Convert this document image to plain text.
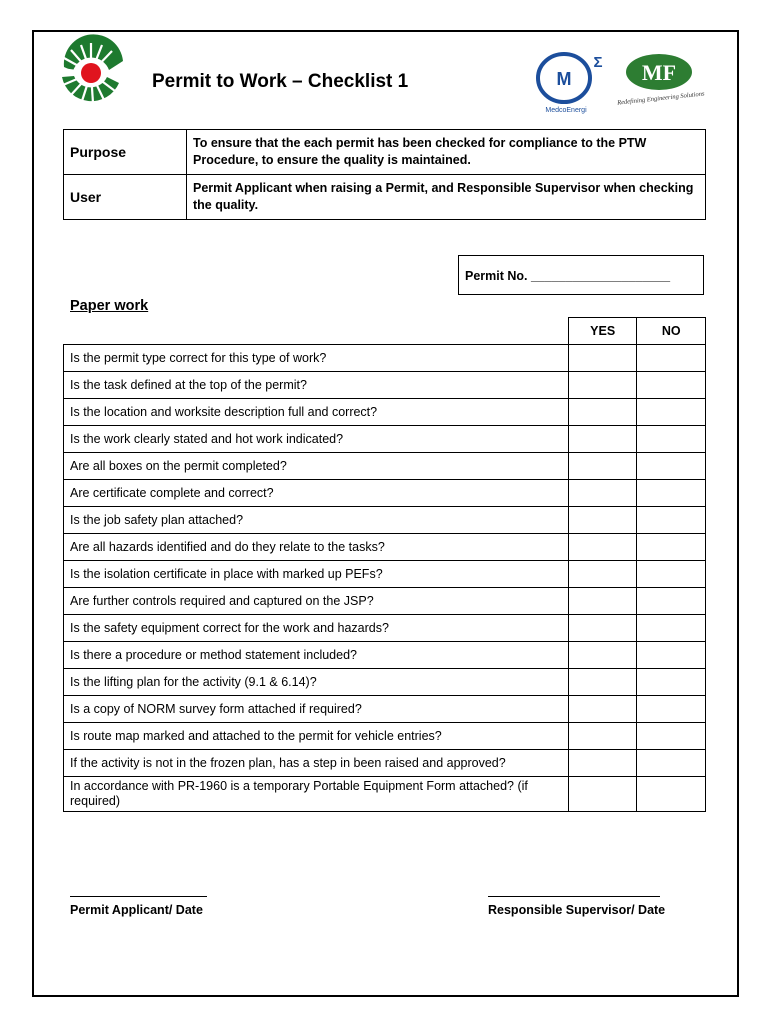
Permit to Work – Checklist 1	M
Σ
MedcoEnergi
MF
Redefining Engineering Solutions
Purpose	To ensure that the each permit has been checked for compliance to the PTW Procedure, to ensure the quality is maintained.
User	Permit Applicant when raising a Permit, and Responsible Supervisor when checking the quality.
Permit No. ____________________
Paper work
	YES	NO
Is the permit type correct for this type of work?		
Is the task defined at the top of the permit?		
Is the location and worksite description full and correct?		
Is the work clearly stated and hot work indicated?		
Are all boxes on the permit completed?		
Are certificate complete and correct?		
Is the job safety plan attached?		
Are all hazards identified and do they relate to the tasks?		
Is the isolation certificate in place with marked up PEFs?		
Are further controls required and captured on the JSP?		
Is the safety equipment correct for the work and hazards?		
Is there a procedure or method statement included?		
Is the lifting plan for the activity (9.1 & 6.14)?		
Is a copy of NORM survey form attached if required?		
Is route map marked and attached to the permit for vehicle entries?		
If the activity is not in the frozen plan, has a step in been raised and approved?		
In accordance with PR-1960 is a temporary Portable Equipment Form attached? (if required)		
Permit Applicant/ Date	Responsible Supervisor/ Date
